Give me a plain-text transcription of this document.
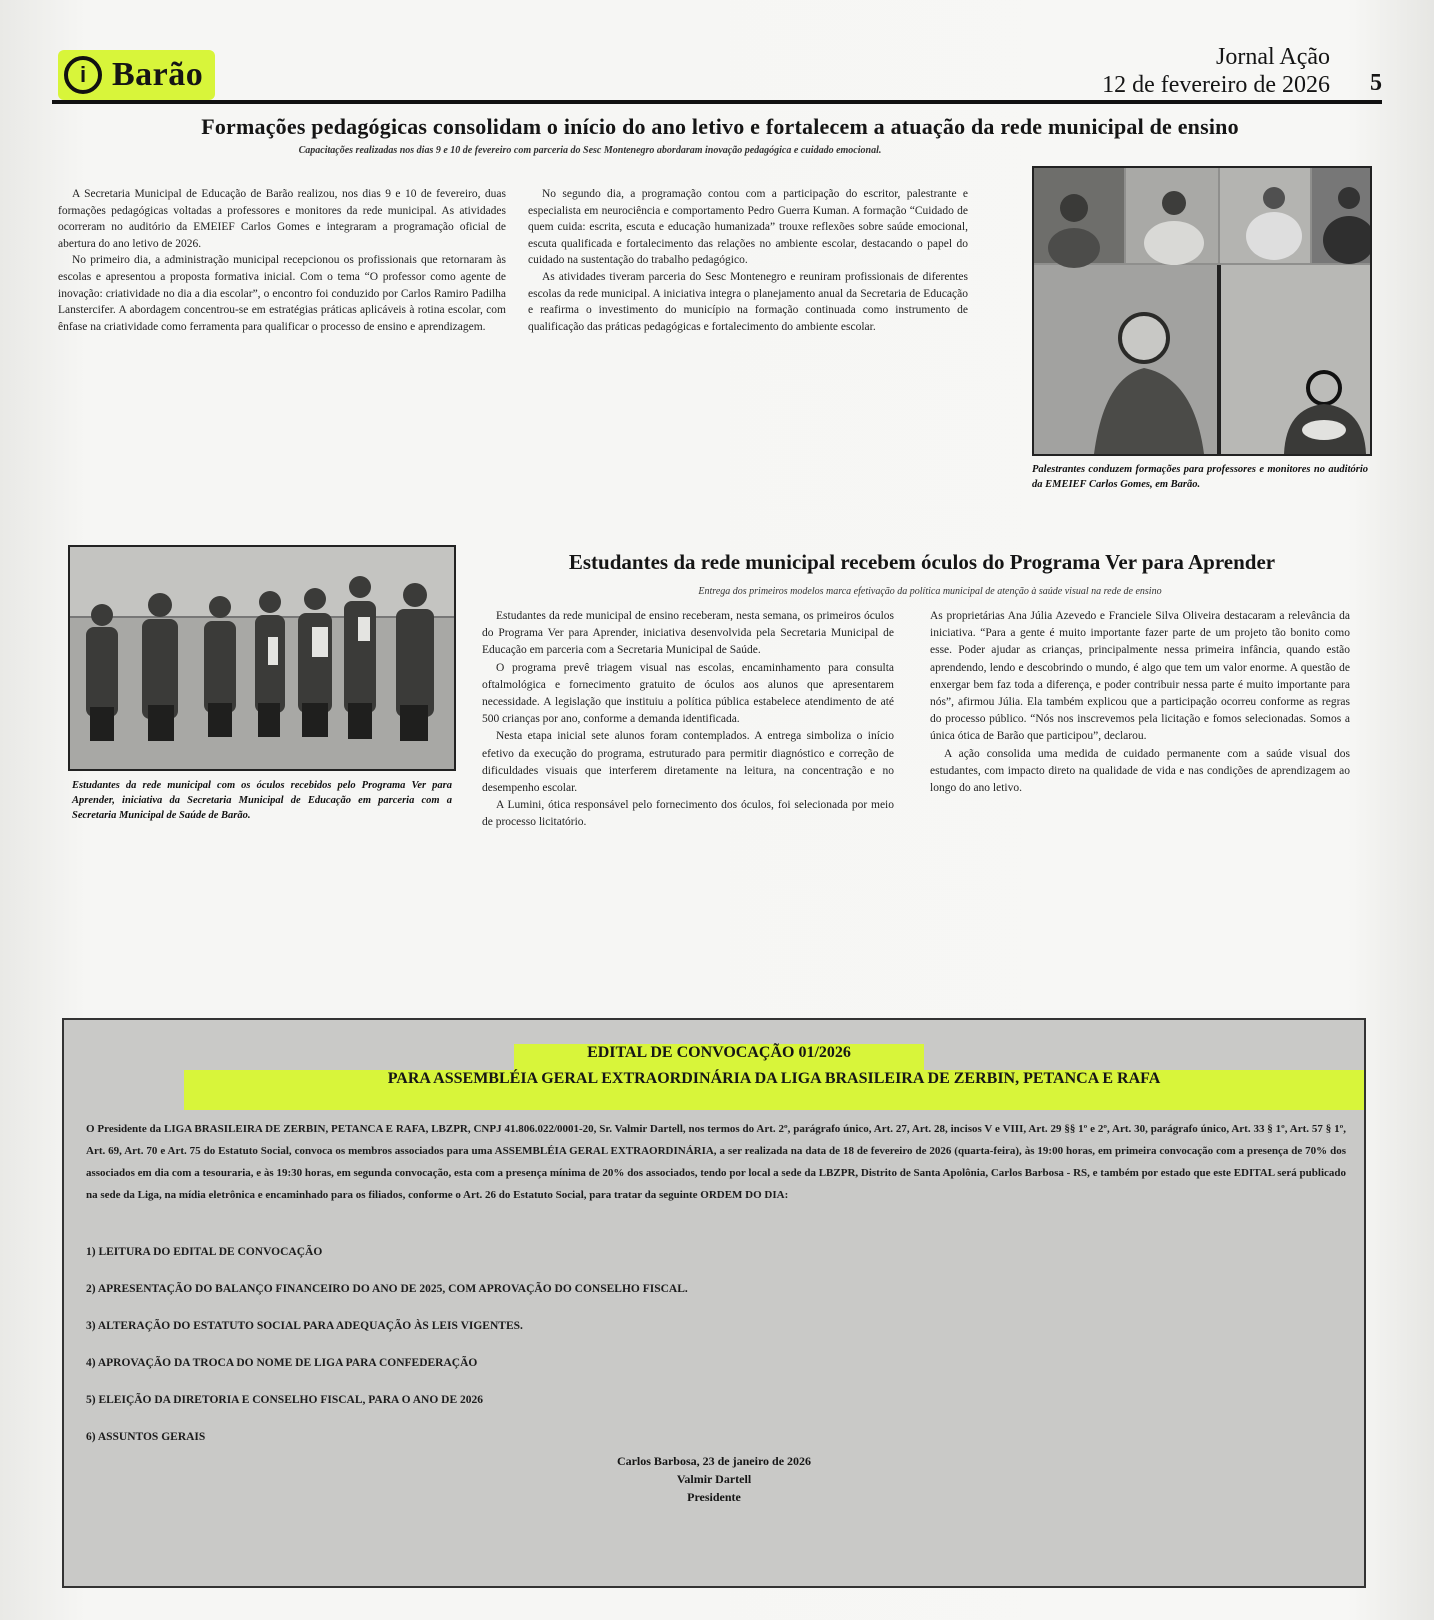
i Barão	Jornal Ação
12 de fevereiro de 2026 5
Formações pedagógicas consolidam o início do ano letivo e fortalecem a atuação da rede municipal de ensino
Capacitações realizadas nos dias 9 e 10 de fevereiro com parceria do Sesc Montenegro abordaram inovação pedagógica e cuidado emocional.

A Secretaria Municipal de Educação de Barão realizou, nos dias 9 e 10 de fevereiro, duas formações pedagógicas voltadas a professores e monitores da rede municipal. As atividades ocorreram no auditório da EMEIEF Carlos Gomes e integraram a programação oficial de abertura do ano letivo de 2026.

No primeiro dia, a administração municipal recepcionou os profissionais que retornaram às escolas e apresentou a proposta formativa inicial. Com o tema “O professor como agente de inovação: criatividade no dia a dia escolar”, o encontro foi conduzido por Carlos Ramiro Padilha Lanstercifer. A abordagem concentrou-se em estratégias práticas aplicáveis à rotina escolar, com ênfase na criatividade como ferramenta para qualificar o processo de ensino e aprendizagem.

No segundo dia, a programação contou com a participação do escritor, palestrante e especialista em neurociência e comportamento Pedro Guerra Kuman. A formação “Cuidado de quem cuida: escrita, escuta e educação humanizada” trouxe reflexões sobre saúde emocional, escuta qualificada e fortalecimento das relações no ambiente escolar, destacando o papel do cuidado na sustentação do trabalho pedagógico.

As atividades tiveram parceria do Sesc Montenegro e reuniram profissionais de diferentes escolas da rede municipal. A iniciativa integra o planejamento anual da Secretaria de Educação e reafirma o investimento do município na formação continuada como instrumento de qualificação das práticas pedagógicas e fortalecimento do ambiente escolar.

Palestrantes conduzem formações para professores e monitores no auditório da EMEIEF Carlos Gomes, em Barão.
Estudantes da rede municipal com os óculos recebidos pelo Programa Ver para Aprender, iniciativa da Secretaria Municipal de Educação em parceria com a Secretaria Municipal de Saúde de Barão.
Estudantes da rede municipal recebem óculos do Programa Ver para Aprender
Entrega dos primeiros modelos marca efetivação da política municipal de atenção à saúde visual na rede de ensino

Estudantes da rede municipal de ensino receberam, nesta semana, os primeiros óculos do Programa Ver para Aprender, iniciativa desenvolvida pela Secretaria Municipal de Educação em parceria com a Secretaria Municipal de Saúde.

O programa prevê triagem visual nas escolas, encaminhamento para consulta oftalmológica e fornecimento gratuito de óculos aos alunos que apresentarem necessidade. A legislação que instituiu a política pública estabelece atendimento de até 500 crianças por ano, conforme a demanda identificada.

Nesta etapa inicial sete alunos foram contemplados. A entrega simboliza o início efetivo da execução do programa, estruturado para permitir diagnóstico e correção de dificuldades visuais que interferem diretamente na leitura, na concentração e no desempenho escolar.

A Lumini, ótica responsável pelo fornecimento dos óculos, foi selecionada por meio de processo licitatório.

As proprietárias Ana Júlia Azevedo e Franciele Silva Oliveira destacaram a relevância da iniciativa. “Para a gente é muito importante fazer parte de um projeto tão bonito como esse. Poder ajudar as crianças, principalmente nessa primeira infância, quando estão aprendendo, lendo e descobrindo o mundo, é algo que tem um valor enorme. A questão de enxergar bem faz toda a diferença, e poder contribuir nessa parte é muito importante para nós”, afirmou Júlia. Ela também explicou que a participação ocorreu conforme as regras do processo público. “Nós nos inscrevemos pela licitação e fomos selecionadas. Somos a única ótica de Barão que participou”, declarou.

A ação consolida uma medida de cuidado permanente com a saúde visual dos estudantes, com impacto direto na qualidade de vida e nas condições de aprendizagem ao longo do ano letivo.

EDITAL DE CONVOCAÇÃO 01/2026
PARA ASSEMBLÉIA GERAL EXTRAORDINÁRIA DA LIGA BRASILEIRA DE ZERBIN, PETANCA E RAFA
O Presidente da LIGA BRASILEIRA DE ZERBIN, PETANCA E RAFA, LBZPR, CNPJ 41.806.022/0001-20, Sr. Valmir Dartell, nos termos do Art. 2º, parágrafo único, Art. 27, Art. 28, incisos V e VIII, Art. 29 §§ 1º e 2º, Art. 30, parágrafo único, Art. 33 § 1º, Art. 57 § 1º, Art. 69, Art. 70 e Art. 75 do Estatuto Social, convoca os membros associados para uma ASSEMBLÉIA GERAL EXTRAORDINÁRIA, a ser realizada na data de 18 de fevereiro de 2026 (quarta-feira), às 19:00 horas, em primeira convocação com a presença de 70% dos associados em dia com a tesouraria, e às 19:30 horas, em segunda convocação, esta com a presença mínima de 20% dos associados, tendo por local a sede da LBZPR, Distrito de Santa Apolônia, Carlos Barbosa - RS, e também por estado que este EDITAL será publicado na sede da Liga, na mídia eletrônica e encaminhado para os filiados, conforme o Art. 26 do Estatuto Social, para tratar da seguinte ORDEM DO DIA:
1) LEITURA DO EDITAL DE CONVOCAÇÃO
2) APRESENTAÇÃO DO BALANÇO FINANCEIRO DO ANO DE 2025, COM APROVAÇÃO DO CONSELHO FISCAL.
3) ALTERAÇÃO DO ESTATUTO SOCIAL PARA ADEQUAÇÃO ÀS LEIS VIGENTES.
4) APROVAÇÃO DA TROCA DO NOME DE LIGA PARA CONFEDERAÇÃO
5) ELEIÇÃO DA DIRETORIA E CONSELHO FISCAL, PARA O ANO DE 2026
6) ASSUNTOS GERAIS
Carlos Barbosa, 23 de janeiro de 2026
Valmir Dartell
Presidente
